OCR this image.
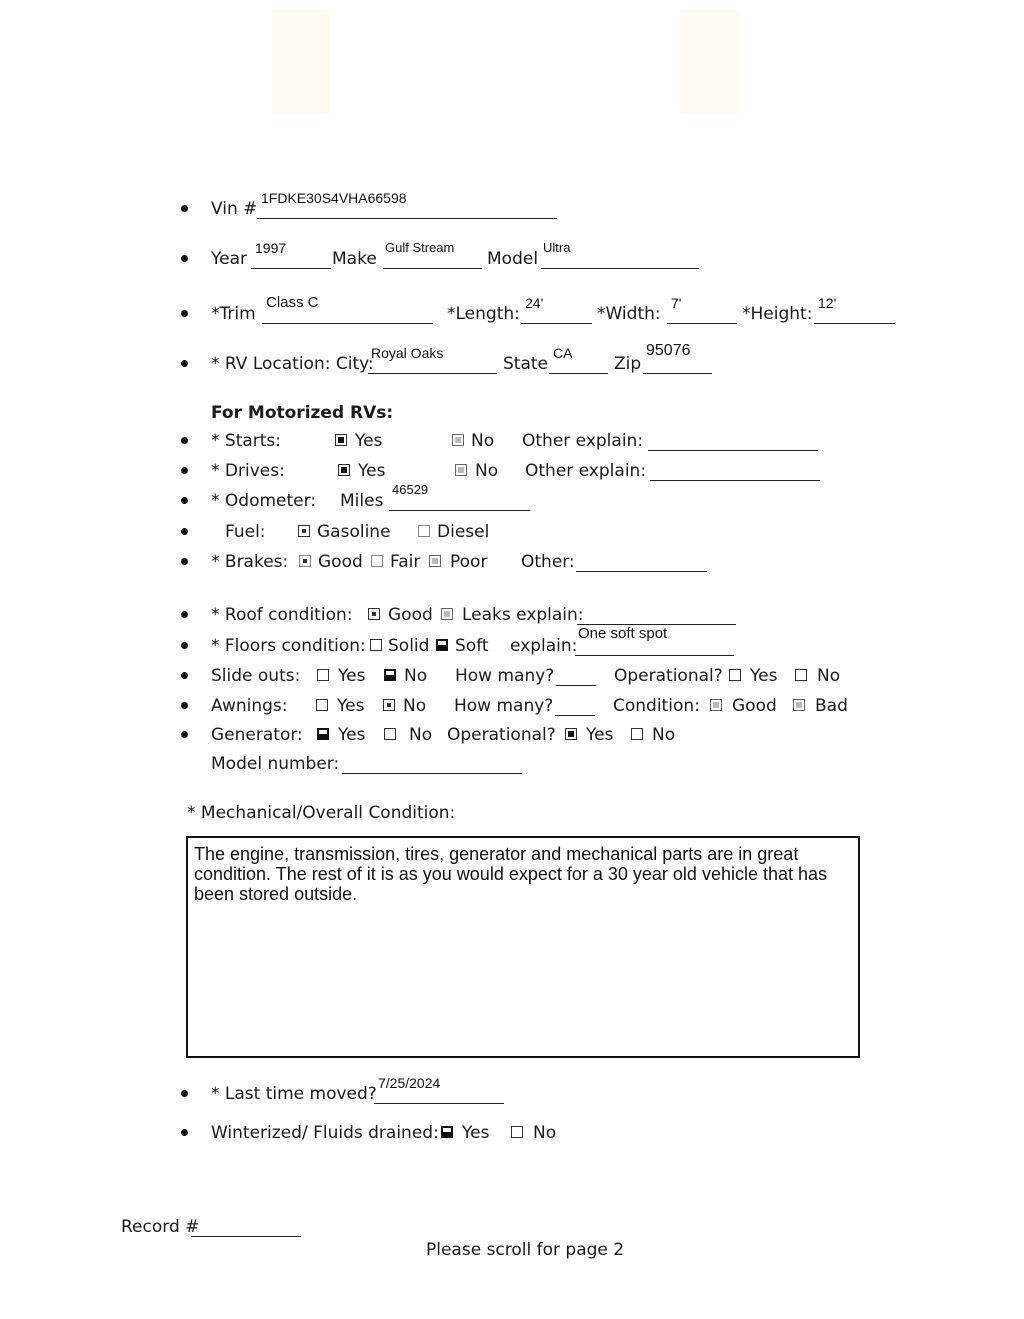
Vin #
1FDKE30S4VHA66598
Year
1997
Make
Gulf Stream
Model
Ultra
*Trim
Class C
*Length:
24'
*Width:
7'
*Height:
12'
* RV Location: City:
Royal Oaks
State
CA
Zip
95076
For Motorized RVs:
* Starts:	Yes	No Other explain:
* Drives:	Yes	No Other explain:
* Odometer: Miles
46529
Fuel:	Gasoline	Diesel
* Brakes: Good Fair Poor Other:
* Roof condition: Good Leaks explain:
* Floors condition: Solid Soft explain:
One soft spot
Slide outs: Yes No How many?	Operational? Yes No
Awnings:	Yes No How many?	Condition: Good Bad
Generator: Yes	No Operational? Yes No
Model number:
* Mechanical/Overall Condition:
The engine, transmission, tires, generator and mechanical parts are in great condition. The rest of it is as you would expect for a 30 year old vehicle that has been stored outside.
* Last time moved?
7/25/2024
Winterized/ Fluids drained: Yes	No
Record #
Please scroll for page 2
